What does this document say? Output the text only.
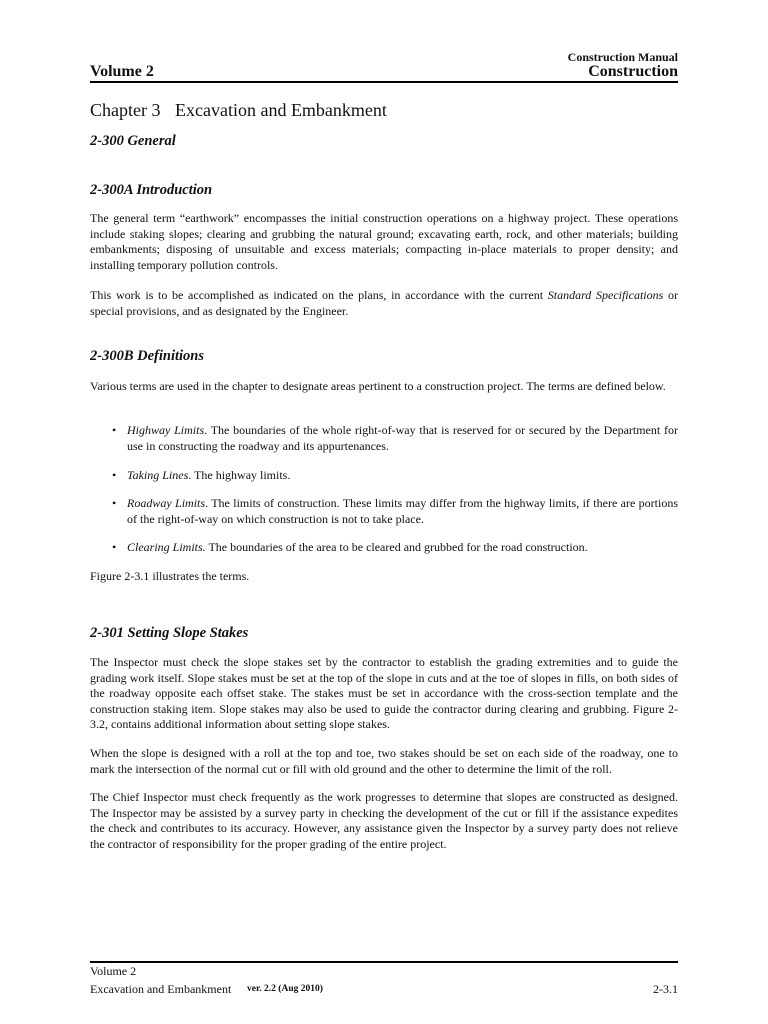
Construction Manual
Volume 2	Construction
Chapter 3 Excavation and Embankment
2-300 General
2-300A Introduction

The general term “earthwork” encompasses the initial construction operations on a highway project. These operations include staking slopes; clearing and grubbing the natural ground; excavating earth, rock, and other materials; building embankments; disposing of unsuitable and excess materials; compacting in-place materials to proper density; and installing temporary pollution controls.

This work is to be accomplished as indicated on the plans, in accordance with the current Standard Specifications or special provisions, and as designated by the Engineer.

2-300B Definitions

Various terms are used in the chapter to designate areas pertinent to a construction project. The terms are defined below.

• Highway Limits. The boundaries of the whole right-of-way that is reserved for or secured by the Department for use in constructing the roadway and its appurtenances.
• Taking Lines. The highway limits.
• Roadway Limits. The limits of construction. These limits may differ from the highway limits, if there are portions of the right-of-way on which construction is not to take place.
• Clearing Limits. The boundaries of the area to be cleared and grubbed for the road construction.

Figure 2-3.1 illustrates the terms.

2-301 Setting Slope Stakes

The Inspector must check the slope stakes set by the contractor to establish the grading extremities and to guide the grading work itself. Slope stakes must be set at the top of the slope in cuts and at the toe of slopes in fills, on both sides of the roadway opposite each offset stake. The stakes must be set in accordance with the cross-section template and the construction staking item. Slope stakes may also be used to guide the contractor during clearing and grubbing. Figure 2-3.2, contains additional information about setting slope stakes.

When the slope is designed with a roll at the top and toe, two stakes should be set on each side of the roadway, one to mark the intersection of the normal cut or fill with old ground and the other to determine the limit of the roll.

The Chief Inspector must check frequently as the work progresses to determine that slopes are constructed as designed. The Inspector may be assisted by a survey party in checking the development of the cut or fill if the assistance expedites the check and contributes to its accuracy. However, any assistance given the Inspector by a survey party does not relieve the contractor of responsibility for the proper grading of the entire project.

Volume 2
Excavation and Embankment ver. 2.2 (Aug 2010)	2-3.1
